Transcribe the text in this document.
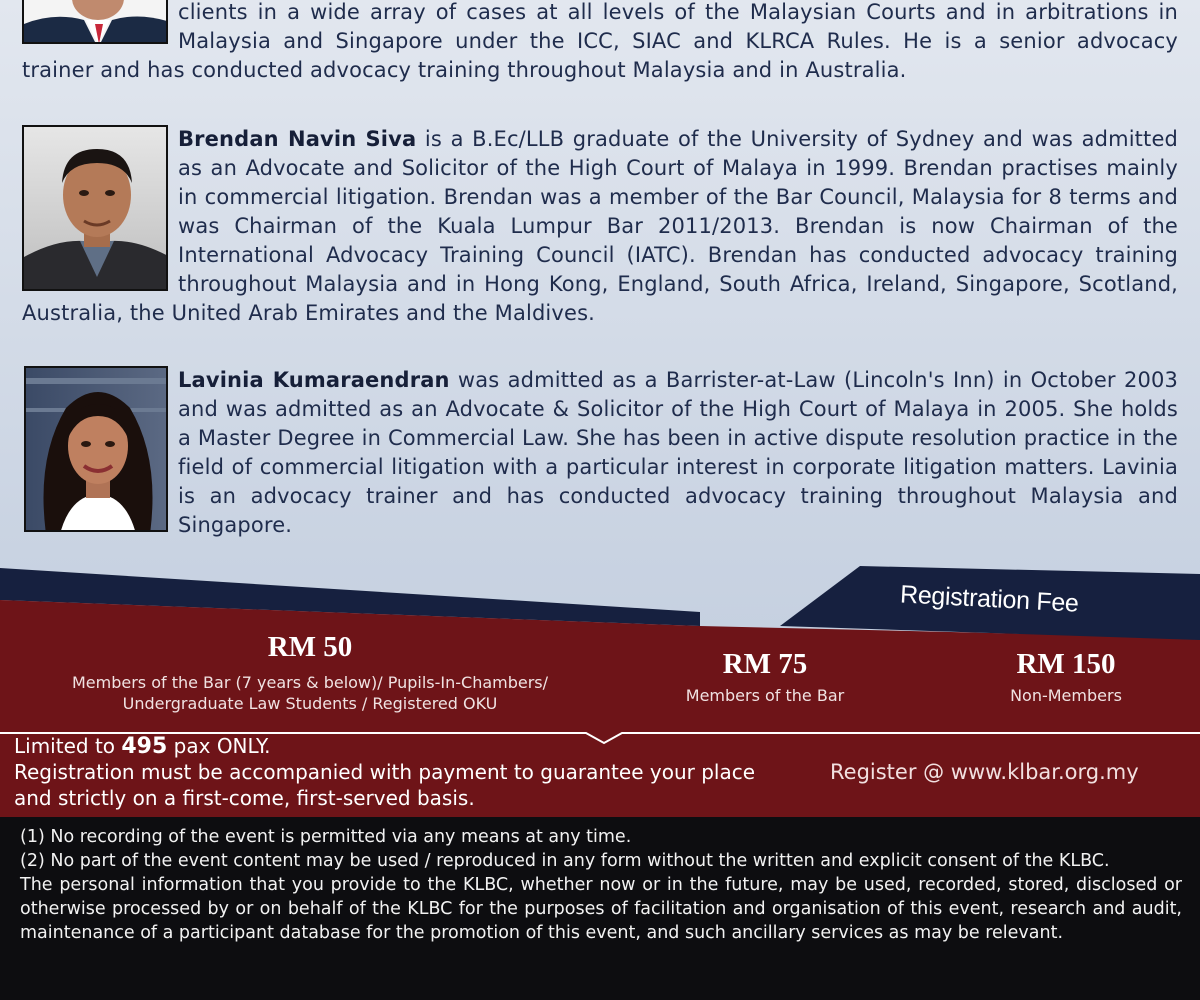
clients in a wide array of cases at all levels of the Malaysian Courts and in arbitrations in Malaysia and Singapore under the ICC, SIAC and KLRCA Rules. He is a senior advocacy trainer and has conducted advocacy training throughout Malaysia and in Australia.
Brendan Navin Siva is a B.Ec/LLB graduate of the University of Sydney and was admitted as an Advocate and Solicitor of the High Court of Malaya in 1999. Brendan practises mainly in commercial litigation. Brendan was a member of the Bar Council, Malaysia for 8 terms and was Chairman of the Kuala Lumpur Bar 2011/2013. Brendan is now Chairman of the International Advocacy Training Council (IATC). Brendan has conducted advocacy training throughout Malaysia and in Hong Kong, England, South Africa, Ireland, Singapore, Scotland, Australia, the United Arab Emirates and the Maldives.
Lavinia Kumaraendran was admitted as a Barrister-at-Law (Lincoln's Inn) in October 2003 and was admitted as an Advocate & Solicitor of the High Court of Malaya in 2005. She holds a Master Degree in Commercial Law. She has been in active dispute resolution practice in the field of commercial litigation with a particular interest in corporate litigation matters. Lavinia is an advocacy trainer and has conducted advocacy training throughout Malaysia and Singapore.
Registration Fee
RM 50
Members of the Bar (7 years & below)/ Pupils-In-Chambers/ Undergraduate Law Students / Registered OKU
RM 75
Members of the Bar
RM 150
Non-Members
Limited to 495 pax ONLY.
Registration must be accompanied with payment to guarantee your place and strictly on a first-come, first-served basis.
Register @ www.klbar.org.my

(1) No recording of the event is permitted via any means at any time.

(2) No part of the event content may be used / reproduced in any form without the written and explicit consent of the KLBC.

The personal information that you provide to the KLBC, whether now or in the future, may be used, recorded, stored, disclosed or otherwise processed by or on behalf of the KLBC for the purposes of facilitation and organisation of this event, research and audit, maintenance of a participant database for the promotion of this event, and such ancillary services as may be relevant.
